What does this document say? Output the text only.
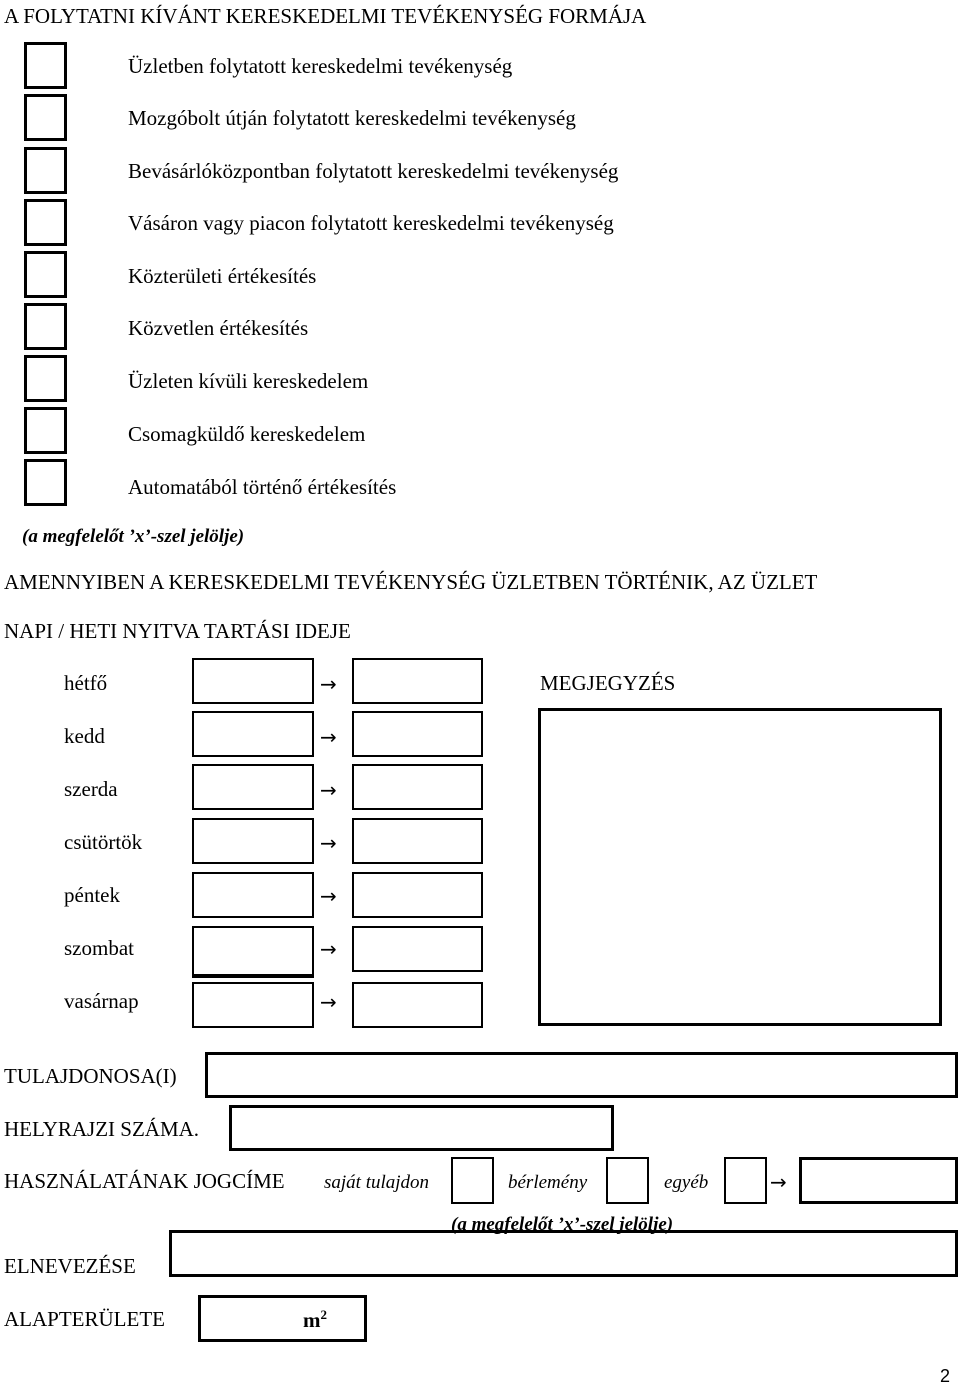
A FOLYTATNI KÍVÁNT KERESKEDELMI TEVÉKENYSÉG FORMÁJA
Üzletben folytatott kereskedelmi tevékenység
Mozgóbolt útján folytatott kereskedelmi tevékenység
Bevásárlóközpontban folytatott kereskedelmi tevékenység
Vásáron vagy piacon folytatott kereskedelmi tevékenység
Közterületi értékesítés
Közvetlen értékesítés
Üzleten kívüli kereskedelem
Csomagküldő kereskedelem
Automatából történő értékesítés
(a megfelelőt ’x’-szel jelölje)
AMENNYIBEN A KERESKEDELMI TEVÉKENYSÉG ÜZLETBEN TÖRTÉNIK, AZ ÜZLET
NAPI / HETI NYITVA TARTÁSI IDEJE
hétfő	→
kedd	→
szerda	→
csütörtök	→
péntek	→
szombat	→
vasárnap	→
MEGJEGYZÉS
TULAJDONOSA(I)
HELYRAJZI SZÁMA.
HASZNÁLATÁNAK JOGCÍME saját tulajdon	bérlemény	egyéb	→
(a megfelelőt ’x’-szel jelölje)
ELNEVEZÉSE
ALAPTERÜLETE	$m^2$
2
